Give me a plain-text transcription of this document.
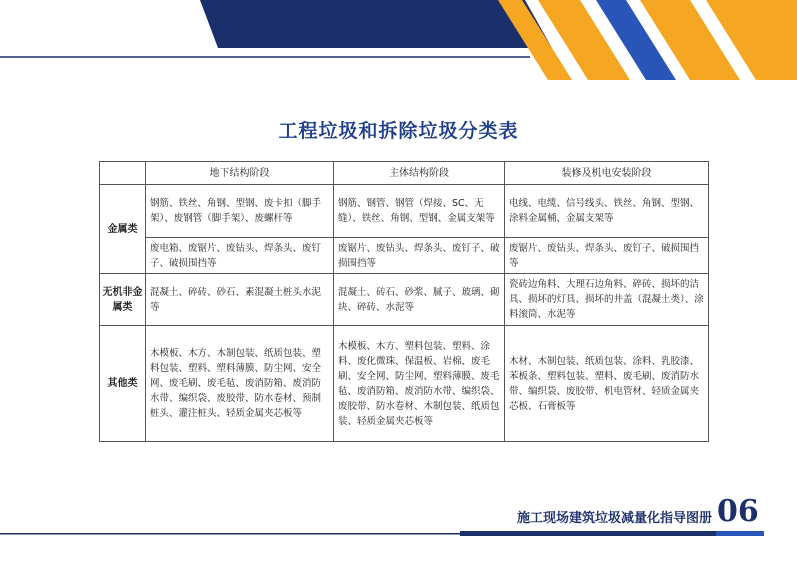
工程垃圾和拆除垃圾分类表
	地下结构阶段	主体结构阶段	装修及机电安装阶段
金属类	钢筋、铁丝、角钢、型钢、废卡扣（脚手架）、废钢管（脚手架）、废螺杆等	钢筋、钢管、钢管（焊接、SC、无缝）、铁丝、角钢、型钢、金属支架等	电线、电缆、信号线头、铁丝、角钢、型钢、涂料金属桶、金属支架等
	废电箱、废锯片、废钻头、焊条头、废钉子、破损围挡等	废锯片、废钻头、焊条头、废钉子、破损围挡等	废锯片、废钻头、焊条头、废钉子、破损围挡等
无机非金属类	混凝土、碎砖、砂石、素混凝土桩头水泥等	混凝土、砖石、砂浆、腻子、玻璃、砌块、碎砖、水泥等	瓷砖边角料、大理石边角料、碎砖、损坏的洁具、损坏的灯具、损坏的井盖（混凝土类）、涂料滚筒、水泥等
其他类	木模板、木方、木制包装、纸质包装、塑料包装、塑料、塑料薄膜、防尘网、安全网、废毛刷、废毛毡、废消防箱、废消防水带、编织袋、废胶带、防水卷材、预制桩头、灌注桩头、轻质金属夹芯板等	木模板、木方、塑料包装、塑料、涂料、废化微珠、保温板、岩棉、废毛刷、安全网、防尘网、塑料薄膜、废毛毡、废消防箱、废消防水带、编织袋、废胶带、防水卷材、木制包装、纸质包装、轻质金属夹芯板等	木材、木制包装、纸质包装、涂料、乳胶漆、苯板条、塑料包装、塑料、废毛刷、废消防水带、编织袋、废胶带、机电管材、轻质金属夹芯板、石膏板等
施工现场建筑垃圾减量化指导图册 06
